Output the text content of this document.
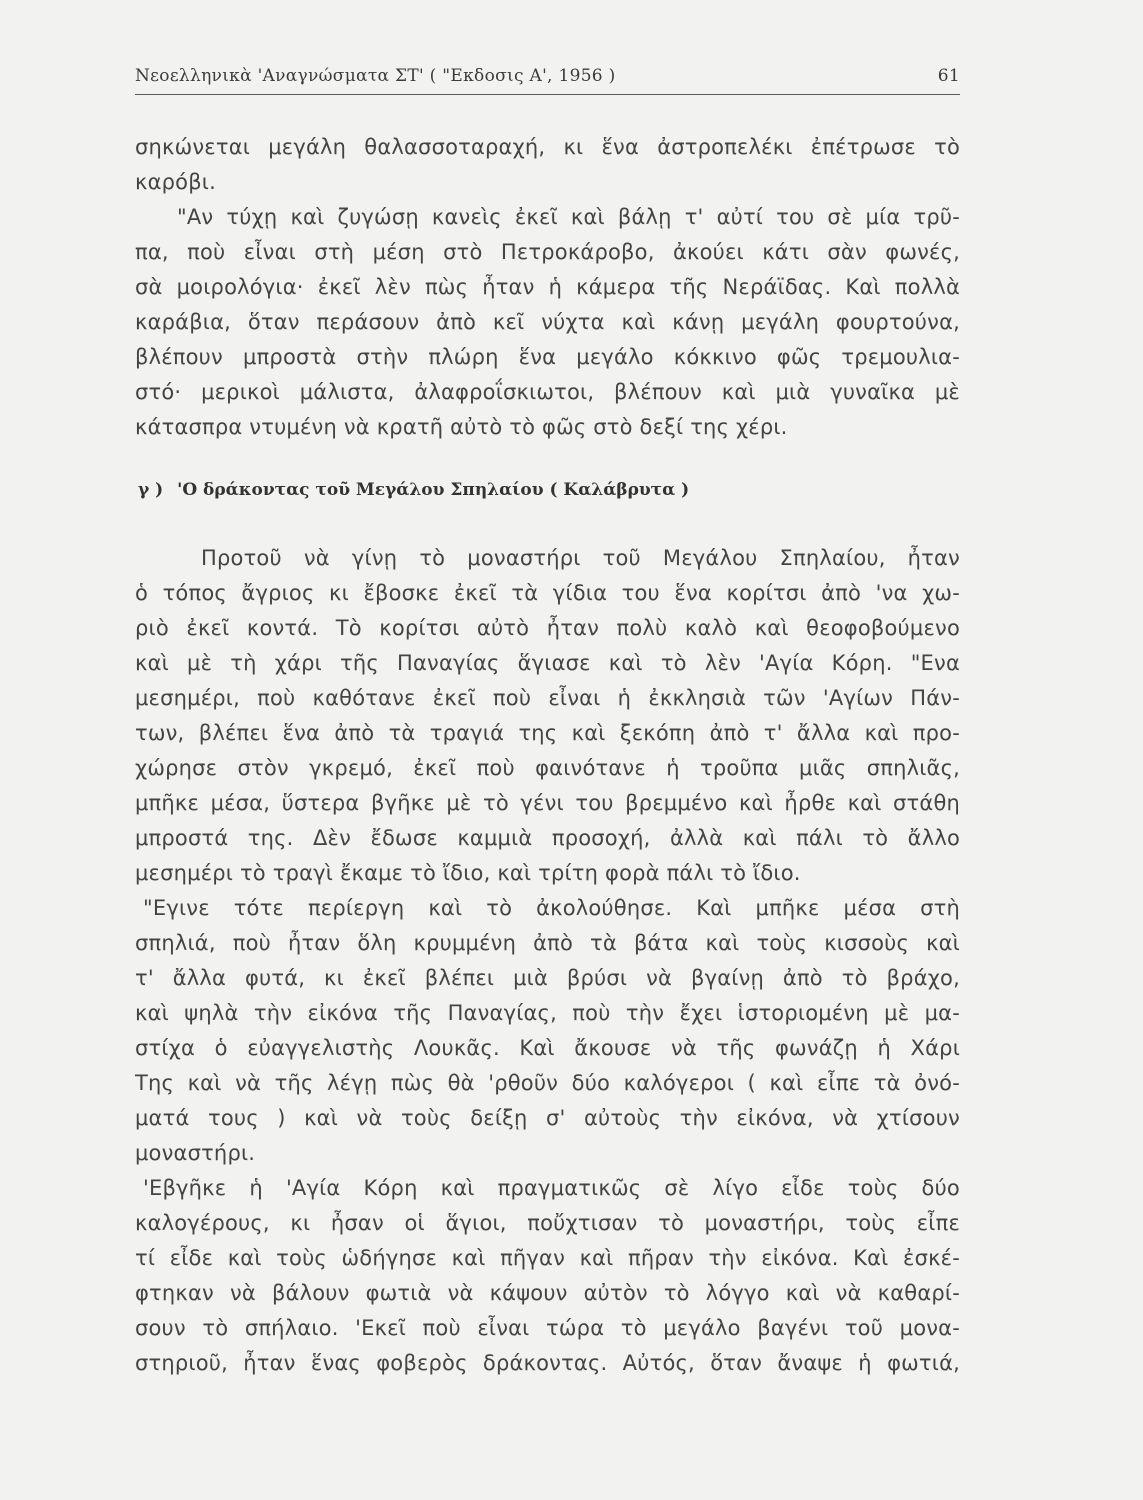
Νεοελληνικὰ 'Αναγνώσματα ΣΤ' ( "Εκδοσις Α', 1956 )	61
σηκώνεται μεγάλη θαλασσοταραχή, κι ἕνα ἀστροπελέκι ἐπέτρωσε τὸ
καρόβι.
"Αν τύχῃ καὶ ζυγώσῃ κανεὶς ἐκεῖ καὶ βάλῃ τ' αὐτί του σὲ μία τρῦ-
πα, ποὺ εἶναι στὴ μέση στὸ Πετροκάροβο, ἀκούει κάτι σὰν φωνές,
σὰ μοιρολόγια· ἐκεῖ λὲν πὼς ἦταν ἡ κάμερα τῆς Νεράϊδας. Καὶ πολλὰ
καράβια, ὅταν περάσουν ἀπὸ κεῖ νύχτα καὶ κάνῃ μεγάλη φουρτούνα,
βλέπουν μπροστὰ στὴν πλώρη ἕνα μεγάλο κόκκινο φῶς τρεμουλια-
στό· μερικοὶ μάλιστα, ἀλαφροΐσκιωτοι, βλέπουν καὶ μιὰ γυναῖκα μὲ
κάτασπρα ντυμένη νὰ κρατῆ αὐτὸ τὸ φῶς στὸ δεξί της χέρι.
γ ) 'Ο δράκοντας τοῦ Μεγάλου Σπηλαίου ( Καλάβρυτα )
Προτοῦ νὰ γίνῃ τὸ μοναστήρι τοῦ Μεγάλου Σπηλαίου, ἦταν
ὁ τόπος ἄγριος κι ἔβοσκε ἐκεῖ τὰ γίδια του ἕνα κορίτσι ἀπὸ 'να χω-
ριὸ ἐκεῖ κοντά. Τὸ κορίτσι αὐτὸ ἦταν πολὺ καλὸ καὶ θεοφοβούμενο
καὶ μὲ τὴ χάρι τῆς Παναγίας ἅγιασε καὶ τὸ λὲν 'Αγία Κόρη. "Ενα
μεσημέρι, ποὺ καθότανε ἐκεῖ ποὺ εἶναι ἡ ἐκκλησιὰ τῶν 'Αγίων Πάν-
των, βλέπει ἕνα ἀπὸ τὰ τραγιά της καὶ ξεκόπη ἀπὸ τ' ἄλλα καὶ προ-
χώρησε στὸν γκρεμό, ἐκεῖ ποὺ φαινότανε ἡ τροῦπα μιᾶς σπηλιᾶς,
μπῆκε μέσα, ὕστερα βγῆκε μὲ τὸ γένι του βρεμμένο καὶ ἦρθε καὶ στάθη
μπροστά της. Δὲν ἔδωσε καμμιὰ προσοχή, ἀλλὰ καὶ πάλι τὸ ἄλλο
μεσημέρι τὸ τραγὶ ἔκαμε τὸ ἴδιο, καὶ τρίτη φορὰ πάλι τὸ ἴδιο.
"Εγινε τότε περίεργη καὶ τὸ ἀκολούθησε. Καὶ μπῆκε μέσα στὴ
σπηλιά, ποὺ ἦταν ὅλη κρυμμένη ἀπὸ τὰ βάτα καὶ τοὺς κισσοὺς καὶ
τ' ἄλλα φυτά, κι ἐκεῖ βλέπει μιὰ βρύσι νὰ βγαίνῃ ἀπὸ τὸ βράχο,
καὶ ψηλὰ τὴν εἰκόνα τῆς Παναγίας, ποὺ τὴν ἔχει ἱστοριομένη μὲ μα-
στίχα ὁ εὐαγγελιστὴς Λουκᾶς. Καὶ ἄκουσε νὰ τῆς φωνάζῃ ἡ Χάρι
Της καὶ νὰ τῆς λέγῃ πὼς θὰ 'ρθοῦν δύο καλόγεροι ( καὶ εἶπε τὰ ὀνό-
ματά τους ) καὶ νὰ τοὺς δείξῃ σ' αὐτοὺς τὴν εἰκόνα, νὰ χτίσουν
μοναστήρι.
'Εβγῆκε ἡ 'Αγία Κόρη καὶ πραγματικῶς σὲ λίγο εἶδε τοὺς δύο
καλογέρους, κι ἦσαν οἱ ἅγιοι, ποὔχτισαν τὸ μοναστήρι, τοὺς εἶπε
τί εἶδε καὶ τοὺς ὡδήγησε καὶ πῆγαν καὶ πῆραν τὴν εἰκόνα. Καὶ ἐσκέ-
φτηκαν νὰ βάλουν φωτιὰ νὰ κάψουν αὐτὸν τὸ λόγγο καὶ νὰ καθαρί-
σουν τὸ σπήλαιο. 'Εκεῖ ποὺ εἶναι τώρα τὸ μεγάλο βαγένι τοῦ μονα-
στηριοῦ, ἦταν ἕνας φοβερὸς δράκοντας. Αὐτός, ὅταν ἄναψε ἡ φωτιά,
